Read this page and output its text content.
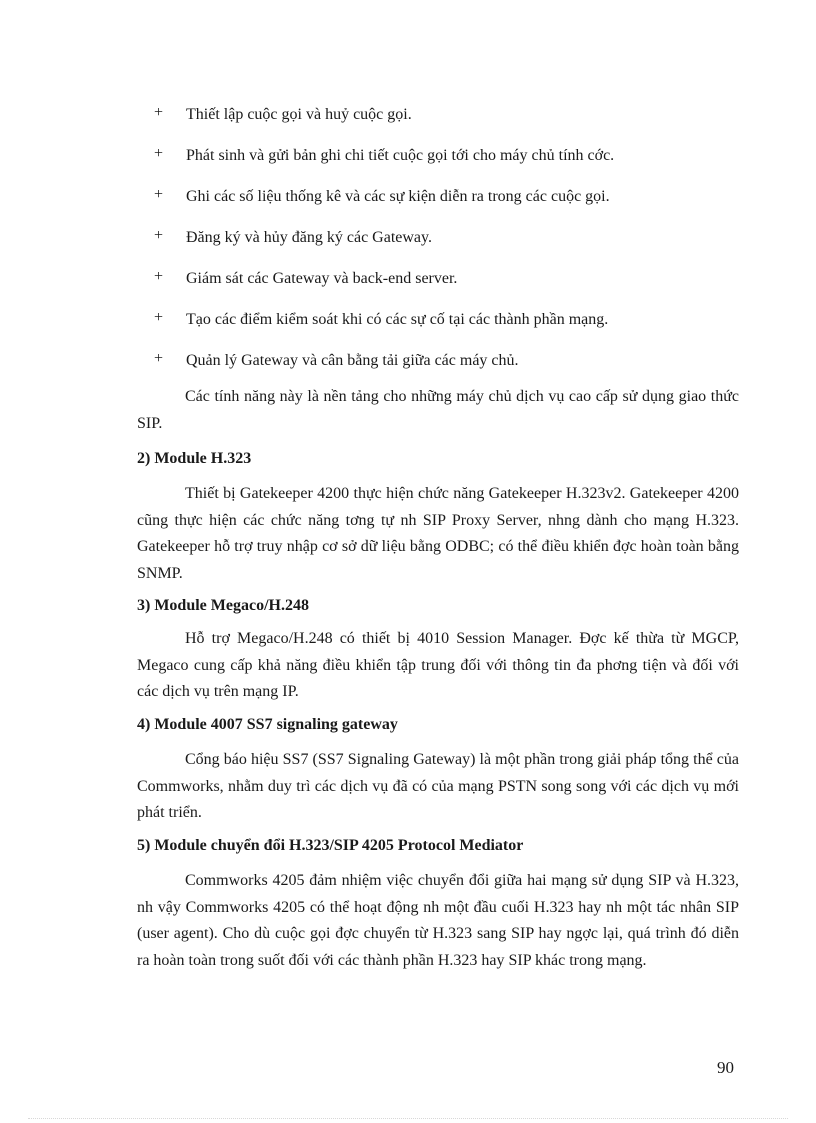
+	Thiết lập cuộc gọi và huỷ cuộc gọi.
+	Phát sinh và gửi bản ghi chi tiết cuộc gọi tới cho máy chủ tính cớc.
+	Ghi các số liệu thống kê và các sự kiện diễn ra trong các cuộc gọi.
+	Đăng ký và hủy đăng ký các Gateway.
+	Giám sát các Gateway và back-end server.
+	Tạo các điểm kiểm soát khi có các sự cố tại các thành phần mạng.
+	Quản lý Gateway và cân bằng tải giữa các máy chủ.

Các tính năng này là nền tảng cho những máy chủ dịch vụ cao cấp sử dụng giao thức SIP.

2) Module H.323

Thiết bị Gatekeeper 4200 thực hiện chức năng Gatekeeper H.323v2. Gatekeeper 4200 cũng thực hiện các chức năng tơng tự nh SIP Proxy Server, nhng dành cho mạng H.323. Gatekeeper hỗ trợ truy nhập cơ sở dữ liệu bằng ODBC; có thể điều khiển đợc hoàn toàn bằng SNMP.

3) Module Megaco/H.248

Hỗ trợ Megaco/H.248 có thiết bị 4010 Session Manager. Đợc kế thừa từ MGCP, Megaco cung cấp khả năng điều khiển tập trung đối với thông tin đa phơng tiện và đối với các dịch vụ trên mạng IP.

4) Module 4007 SS7 signaling gateway

Cổng báo hiệu SS7 (SS7 Signaling Gateway) là một phần trong giải pháp tổng thể của Commworks, nhằm duy trì các dịch vụ đã có của mạng PSTN song song với các dịch vụ mới phát triển.

5) Module chuyển đổi H.323/SIP 4205 Protocol Mediator

Commworks 4205 đảm nhiệm việc chuyển đổi giữa hai mạng sử dụng SIP và H.323, nh vậy Commworks 4205 có thể hoạt động nh một đầu cuối H.323 hay nh một tác nhân SIP (user agent). Cho dù cuộc gọi đợc chuyển từ H.323 sang SIP hay ngợc lại, quá trình đó diễn ra hoàn toàn trong suốt đối với các thành phần H.323 hay SIP khác trong mạng.

90
